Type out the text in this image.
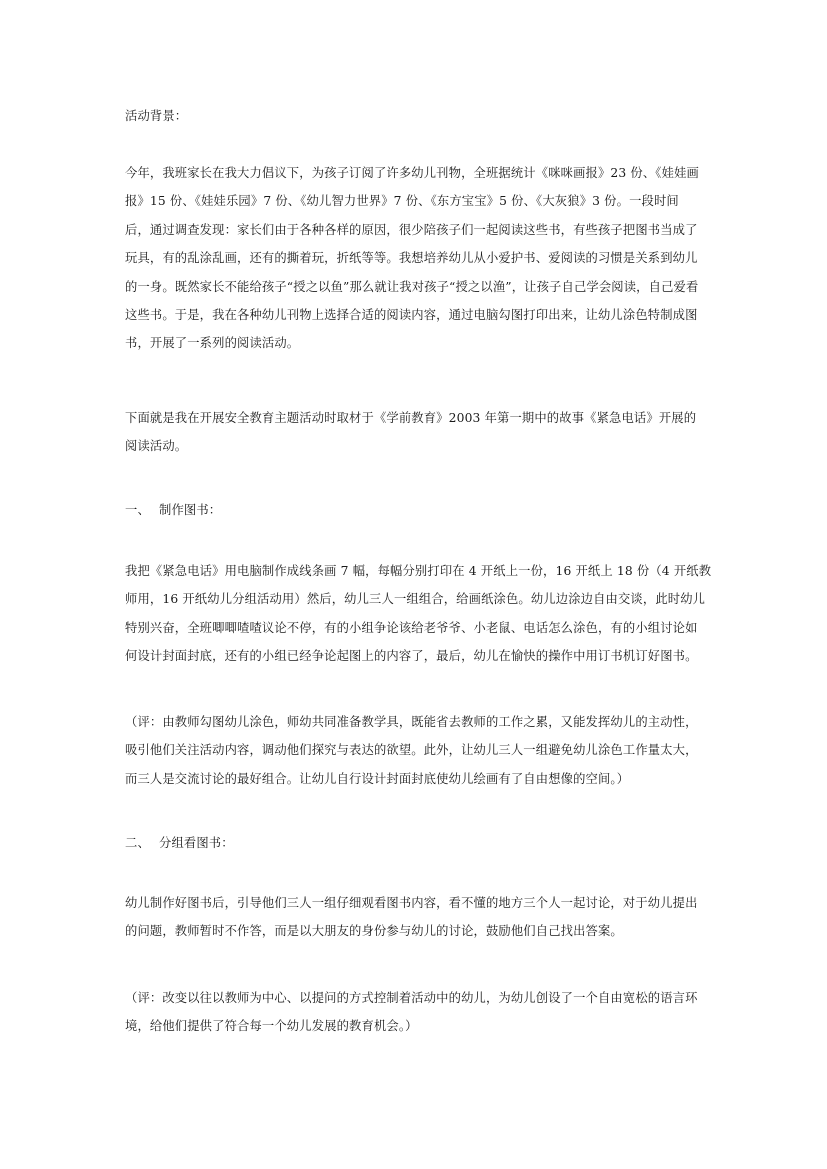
活动背景：

今年，我班家长在我大力倡议下，为孩子订阅了许多幼儿刊物，全班据统计《咪咪画报》23 份、《娃娃画

报》15 份、《娃娃乐园》7 份、《幼儿智力世界》7 份、《东方宝宝》5 份、《大灰狼》3 份。一段时间

后，通过调查发现：家长们由于各种各样的原因，很少陪孩子们一起阅读这些书，有些孩子把图书当成了

玩具，有的乱涂乱画，还有的撕着玩，折纸等等。我想培养幼儿从小爱护书、爱阅读的习惯是关系到幼儿

的一身。既然家长不能给孩子“授之以鱼”那么就让我对孩子“授之以渔”，让孩子自己学会阅读，自己爱看

这些书。于是，我在各种幼儿刊物上选择合适的阅读内容，通过电脑勾图打印出来，让幼儿涂色特制成图

书，开展了一系列的阅读活动。

下面就是我在开展安全教育主题活动时取材于《学前教育》2003 年第一期中的故事《紧急电话》开展的

阅读活动。

一、 制作图书：

我把《紧急电话》用电脑制作成线条画 7 幅，每幅分别打印在 4 开纸上一份，16 开纸上 18 份（4 开纸教

师用，16 开纸幼儿分组活动用）然后，幼儿三人一组组合，给画纸涂色。幼儿边涂边自由交谈，此时幼儿

特别兴奋，全班唧唧喳喳议论不停，有的小组争论该给老爷爷、小老鼠、电话怎么涂色，有的小组讨论如

何设计封面封底，还有的小组已经争论起图上的内容了，最后，幼儿在愉快的操作中用订书机订好图书。

（评：由教师勾图幼儿涂色，师幼共同准备教学具，既能省去教师的工作之累，又能发挥幼儿的主动性，

吸引他们关注活动内容，调动他们探究与表达的欲望。此外，让幼儿三人一组避免幼儿涂色工作量太大，

而三人是交流讨论的最好组合。让幼儿自行设计封面封底使幼儿绘画有了自由想像的空间。）

二、 分组看图书：

幼儿制作好图书后，引导他们三人一组仔细观看图书内容，看不懂的地方三个人一起讨论，对于幼儿提出

的问题，教师暂时不作答，而是以大朋友的身份参与幼儿的讨论，鼓励他们自己找出答案。

（评：改变以往以教师为中心、以提问的方式控制着活动中的幼儿，为幼儿创设了一个自由宽松的语言环

境，给他们提供了符合每一个幼儿发展的教育机会。）
